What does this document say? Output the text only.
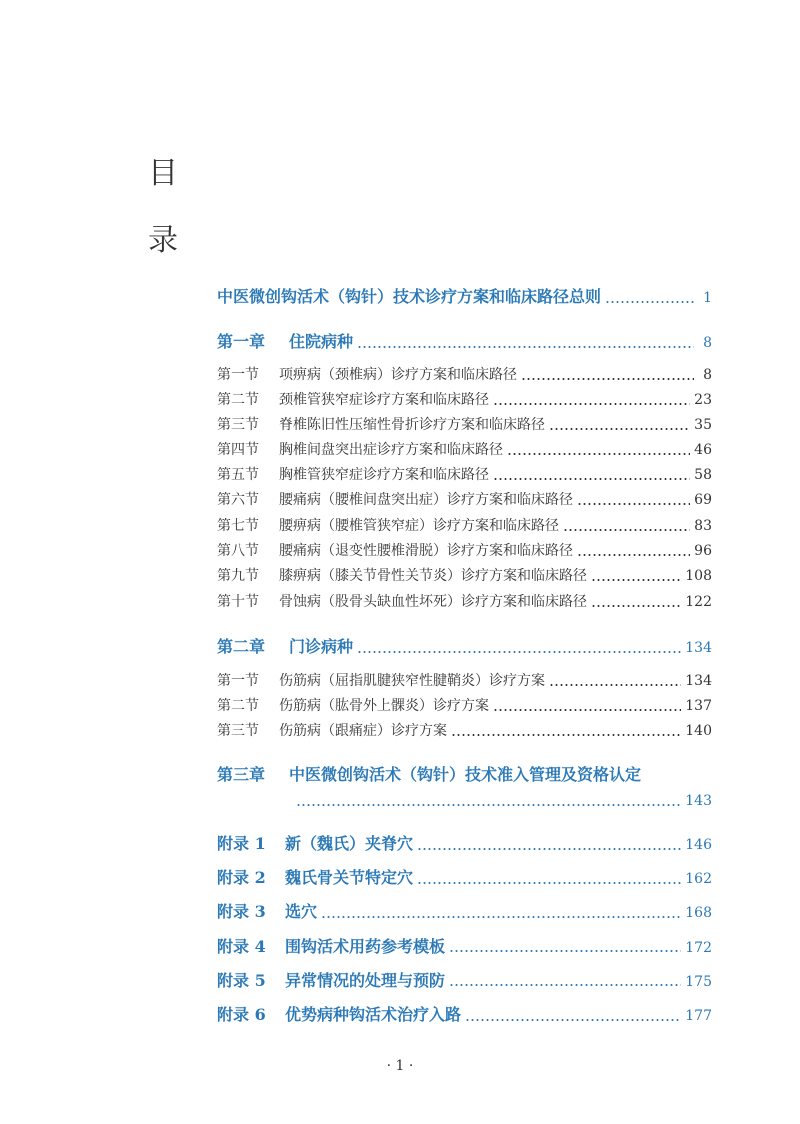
目
录
中医微创钩活术（钩针）技术诊疗方案和临床路径总则	1
第一章	住院病种	8
第一节	项痹病（颈椎病）诊疗方案和临床路径	8
第二节	颈椎管狭窄症诊疗方案和临床路径	23
第三节	脊椎陈旧性压缩性骨折诊疗方案和临床路径	35
第四节	胸椎间盘突出症诊疗方案和临床路径	46
第五节	胸椎管狭窄症诊疗方案和临床路径	58
第六节	腰痛病（腰椎间盘突出症）诊疗方案和临床路径	69
第七节	腰痹病（腰椎管狭窄症）诊疗方案和临床路径	83
第八节	腰痛病（退变性腰椎滑脱）诊疗方案和临床路径	96
第九节	膝痹病（膝关节骨性关节炎）诊疗方案和临床路径	108
第十节	骨蚀病（股骨头缺血性坏死）诊疗方案和临床路径	122
第二章	门诊病种	134
第一节	伤筋病（屈指肌腱狭窄性腱鞘炎）诊疗方案	134
第二节	伤筋病（肱骨外上髁炎）诊疗方案	137
第三节	伤筋病（跟痛症）诊疗方案	140
第三章	中医微创钩活术（钩针）技术准入管理及资格认定
143
附录 1	新（魏氏）夹脊穴	146
附录 2	魏氏骨关节特定穴	162
附录 3	选穴	168
附录 4	围钩活术用药参考模板	172
附录 5	异常情况的处理与预防	175
附录 6	优势病种钩活术治疗入路	177
· 1 ·
